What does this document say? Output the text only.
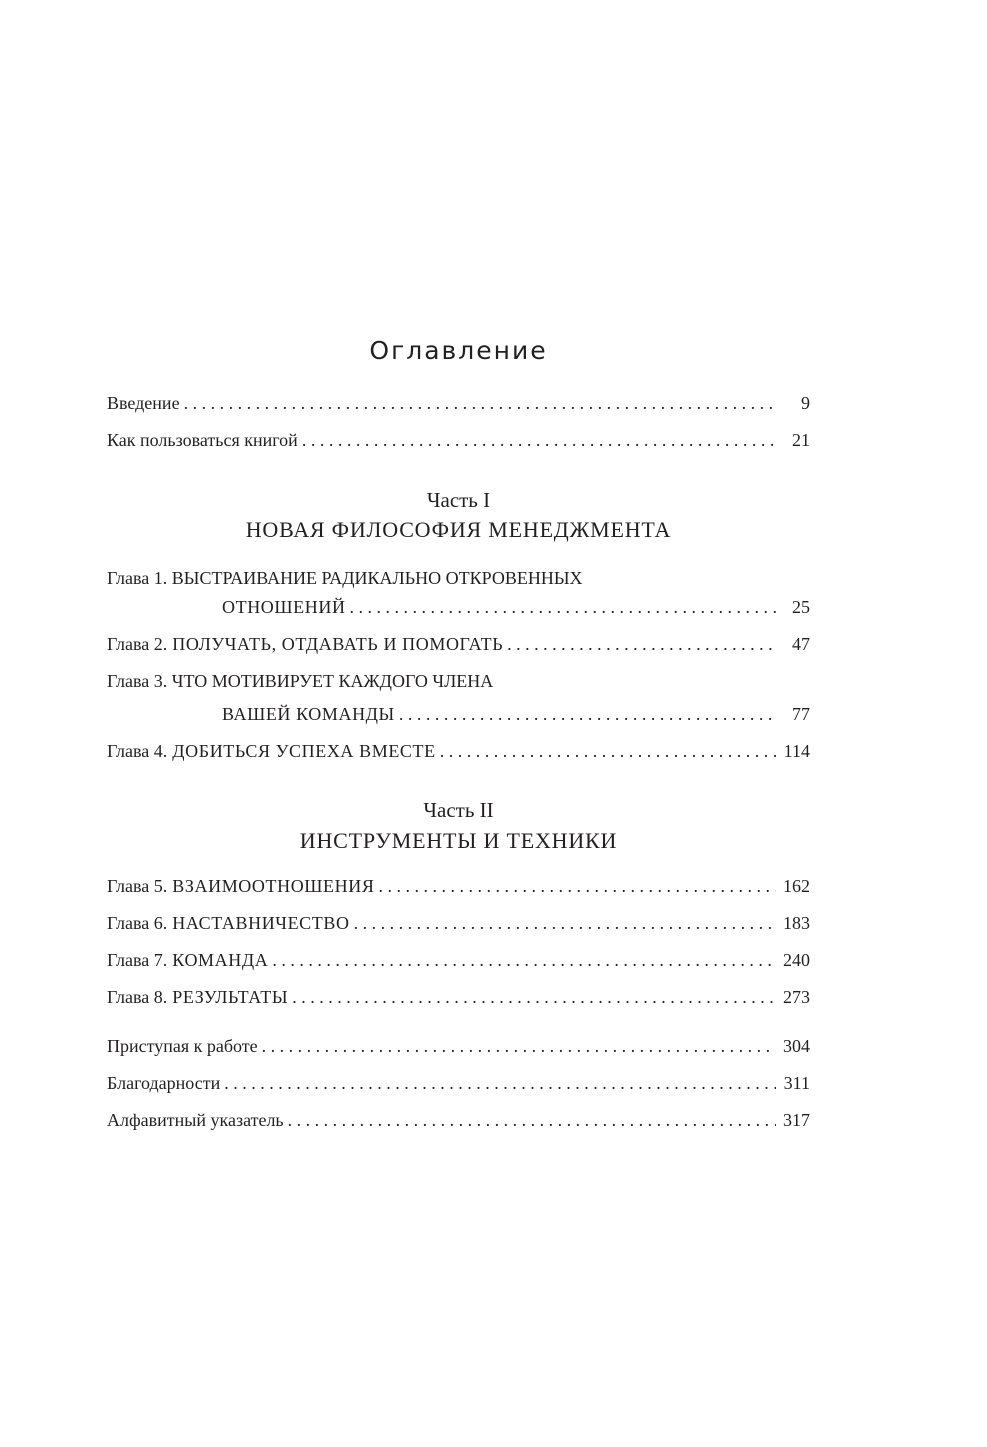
Оглавление
Введение . . .	9
Как пользоваться книгой . . .	21
Часть I
НОВАЯ ФИЛОСОФИЯ МЕНЕДЖМЕНТА
Глава 1. ВЫСТРАИВАНИЕ РАДИКАЛЬНО ОТКРОВЕННЫХ
ОТНОШЕНИЙ . . .	25
Глава 2. ПОЛУЧАТЬ, ОТДАВАТЬ И ПОМОГАТЬ . . .	47
Глава 3. ЧТО МОТИВИРУЕТ КАЖДОГО ЧЛЕНА
ВАШЕЙ КОМАНДЫ . . .	77
Глава 4. ДОБИТЬСЯ УСПЕХА ВМЕСТЕ . . .	114
Часть II
ИНСТРУМЕНТЫ И ТЕХНИКИ
Глава 5. ВЗАИМООТНОШЕНИЯ . . .	162
Глава 6. НАСТАВНИЧЕСТВО . . .	183
Глава 7. КОМАНДА . . .	240
Глава 8. РЕЗУЛЬТАТЫ . . .	273
Приступая к работе . . .	304
Благодарности . . .	311
Алфавитный указатель . . .	317
